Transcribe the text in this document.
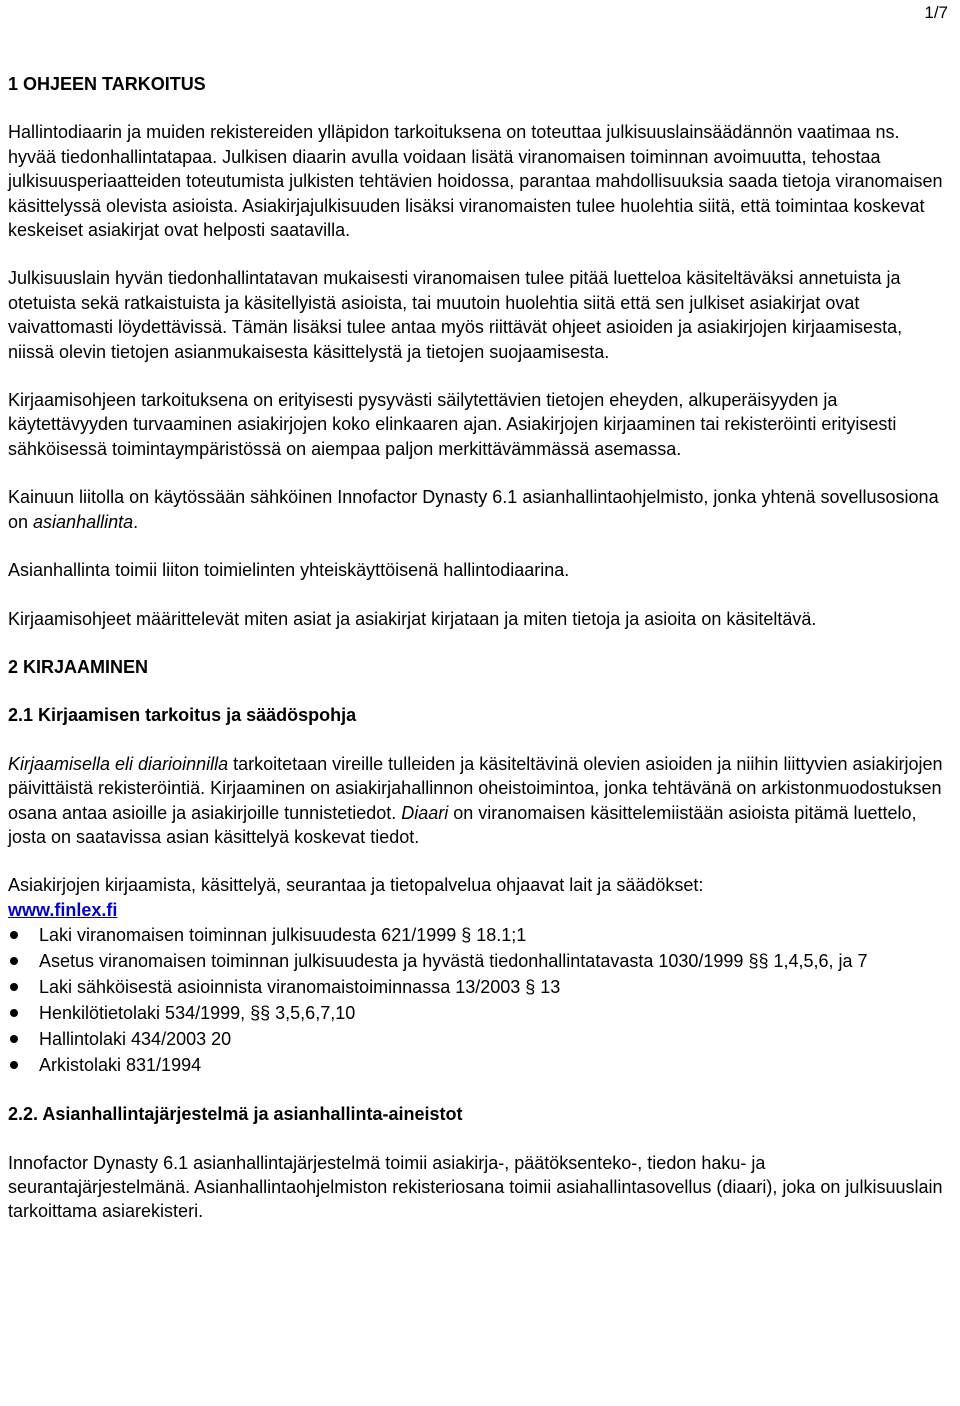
1/7
1 OHJEEN TARKOITUS

Hallintodiaarin ja muiden rekistereiden ylläpidon tarkoituksena on toteuttaa julkisuuslainsäädännön vaatimaa ns. hyvää tiedonhallintatapaa. Julkisen diaarin avulla voidaan lisätä viranomaisen toiminnan avoimuutta, tehostaa julkisuusperiaatteiden toteutumista julkisten tehtävien hoidossa, parantaa mahdollisuuksia saada tietoja viranomaisen käsittelyssä olevista asioista. Asiakirjajulkisuuden lisäksi viranomaisten tulee huolehtia siitä, että toimintaa koskevat keskeiset asiakirjat ovat helposti saatavilla.

Julkisuuslain hyvän tiedonhallintatavan mukaisesti viranomaisen tulee pitää luetteloa käsiteltäväksi annetuista ja otetuista sekä ratkaistuista ja käsitellyistä asioista, tai muutoin huolehtia siitä että sen julkiset asiakirjat ovat vaivattomasti löydettävissä. Tämän lisäksi tulee antaa myös riittävät ohjeet asioiden ja asiakirjojen kirjaamisesta, niissä olevin tietojen asianmukaisesta käsittelystä ja tietojen suojaamisesta.

Kirjaamisohjeen tarkoituksena on erityisesti pysyvästi säilytettävien tietojen eheyden, alkuperäisyyden ja käytettävyyden turvaaminen asiakirjojen koko elinkaaren ajan. Asiakirjojen kirjaaminen tai rekisteröinti erityisesti sähköisessä toimintaympäristössä on aiempaa paljon merkittävämmässä asemassa.

Kainuun liitolla on käytössään sähköinen Innofactor Dynasty 6.1 asianhallintaohjelmisto, jonka yhtenä sovellusosiona on asianhallinta.

Asianhallinta toimii liiton toimielinten yhteiskäyttöisenä hallintodiaarina.

Kirjaamisohjeet määrittelevät miten asiat ja asiakirjat kirjataan ja miten tietoja ja asioita on käsiteltävä.

2 KIRJAAMINEN
2.1 Kirjaamisen tarkoitus ja säädöspohja

Kirjaamisella eli diarioinnilla tarkoitetaan vireille tulleiden ja käsiteltävinä olevien asioiden ja niihin liittyvien asiakirjojen päivittäistä rekisteröintiä. Kirjaaminen on asiakirjahallinnon oheistoimintoa, jonka tehtävänä on arkistonmuodostuksen osana antaa asioille ja asiakirjoille tunnistetiedot. Diaari on viranomaisen käsittelemiistään asioista pitämä luettelo, josta on saatavissa asian käsittelyä koskevat tiedot.

Asiakirjojen kirjaamista, käsittelyä, seurantaa ja tietopalvelua ohjaavat lait ja säädökset:
www.finlex.fi
Laki viranomaisen toiminnan julkisuudesta 621/1999 § 18.1;1
Asetus viranomaisen toiminnan julkisuudesta ja hyvästä tiedonhallintatavasta 1030/1999 §§ 1,4,5,6, ja 7
Laki sähköisestä asioinnista viranomaistoiminnassa 13/2003 § 13
Henkilötietolaki 534/1999, §§ 3,5,6,7,10
Hallintolaki 434/2003 20
Arkistolaki 831/1994
2.2. Asianhallintajärjestelmä ja asianhallinta-aineistot

Innofactor Dynasty 6.1 asianhallintajärjestelmä toimii asiakirja-, päätöksenteko-, tiedon haku- ja seurantajärjestelmänä. Asianhallintaohjelmiston rekisteriosana toimii asiahallintasovellus (diaari), joka on julkisuuslain tarkoittama asiarekisteri.
